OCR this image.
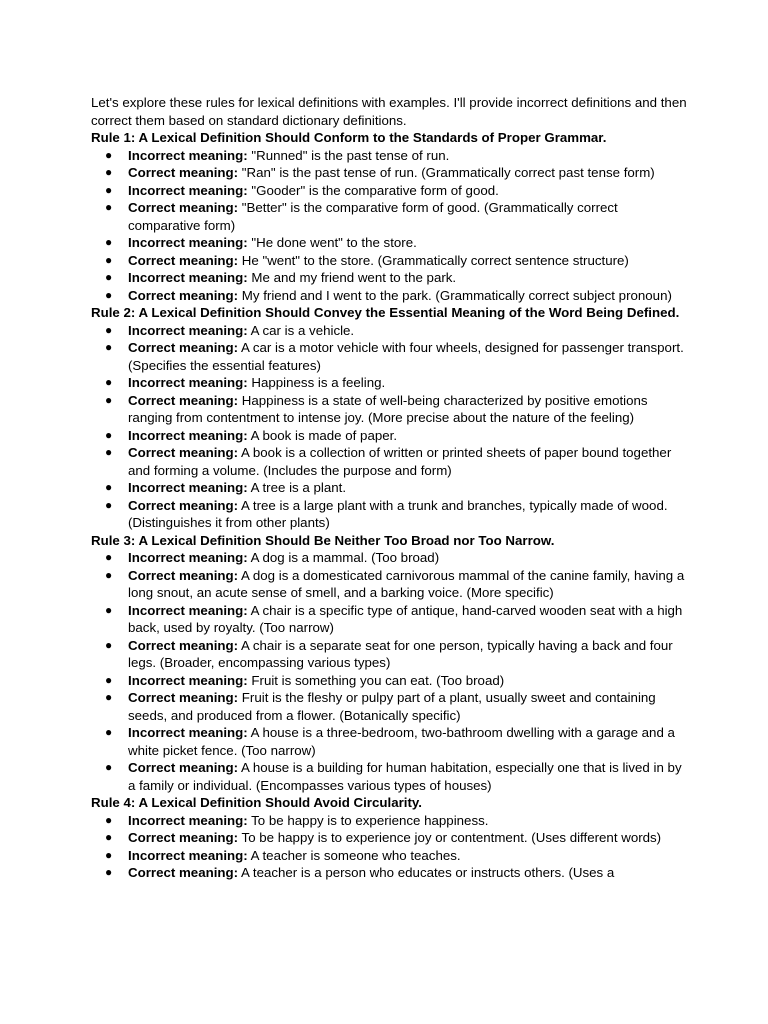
Let's explore these rules for lexical definitions with examples. I'll provide incorrect definitions and then correct them based on standard dictionary definitions.

Rule 1: A Lexical Definition Should Conform to the Standards of Proper Grammar.

● Incorrect meaning: "Runned" is the past tense of run.
● Correct meaning: "Ran" is the past tense of run. (Grammatically correct past tense form)
● Incorrect meaning: "Gooder" is the comparative form of good.
● Correct meaning: "Better" is the comparative form of good. (Grammatically correct comparative form)
● Incorrect meaning: "He done went" to the store.
● Correct meaning: He "went" to the store. (Grammatically correct sentence structure)
● Incorrect meaning: Me and my friend went to the park.
● Correct meaning: My friend and I went to the park. (Grammatically correct subject pronoun)

Rule 2: A Lexical Definition Should Convey the Essential Meaning of the Word Being Defined.

● Incorrect meaning: A car is a vehicle.
● Correct meaning: A car is a motor vehicle with four wheels, designed for passenger transport. (Specifies the essential features)
● Incorrect meaning: Happiness is a feeling.
● Correct meaning: Happiness is a state of well-being characterized by positive emotions ranging from contentment to intense joy. (More precise about the nature of the feeling)
● Incorrect meaning: A book is made of paper.
● Correct meaning: A book is a collection of written or printed sheets of paper bound together and forming a volume. (Includes the purpose and form)
● Incorrect meaning: A tree is a plant.
● Correct meaning: A tree is a large plant with a trunk and branches, typically made of wood. (Distinguishes it from other plants)

Rule 3: A Lexical Definition Should Be Neither Too Broad nor Too Narrow.

● Incorrect meaning: A dog is a mammal. (Too broad)
● Correct meaning: A dog is a domesticated carnivorous mammal of the canine family, having a long snout, an acute sense of smell, and a barking voice. (More specific)
● Incorrect meaning: A chair is a specific type of antique, hand-carved wooden seat with a high back, used by royalty. (Too narrow)
● Correct meaning: A chair is a separate seat for one person, typically having a back and four legs. (Broader, encompassing various types)
● Incorrect meaning: Fruit is something you can eat. (Too broad)
● Correct meaning: Fruit is the fleshy or pulpy part of a plant, usually sweet and containing seeds, and produced from a flower. (Botanically specific)
● Incorrect meaning: A house is a three-bedroom, two-bathroom dwelling with a garage and a white picket fence. (Too narrow)
● Correct meaning: A house is a building for human habitation, especially one that is lived in by a family or individual. (Encompasses various types of houses)

Rule 4: A Lexical Definition Should Avoid Circularity.

● Incorrect meaning: To be happy is to experience happiness.
● Correct meaning: To be happy is to experience joy or contentment. (Uses different words)
● Incorrect meaning: A teacher is someone who teaches.
● Correct meaning: A teacher is a person who educates or instructs others. (Uses a
